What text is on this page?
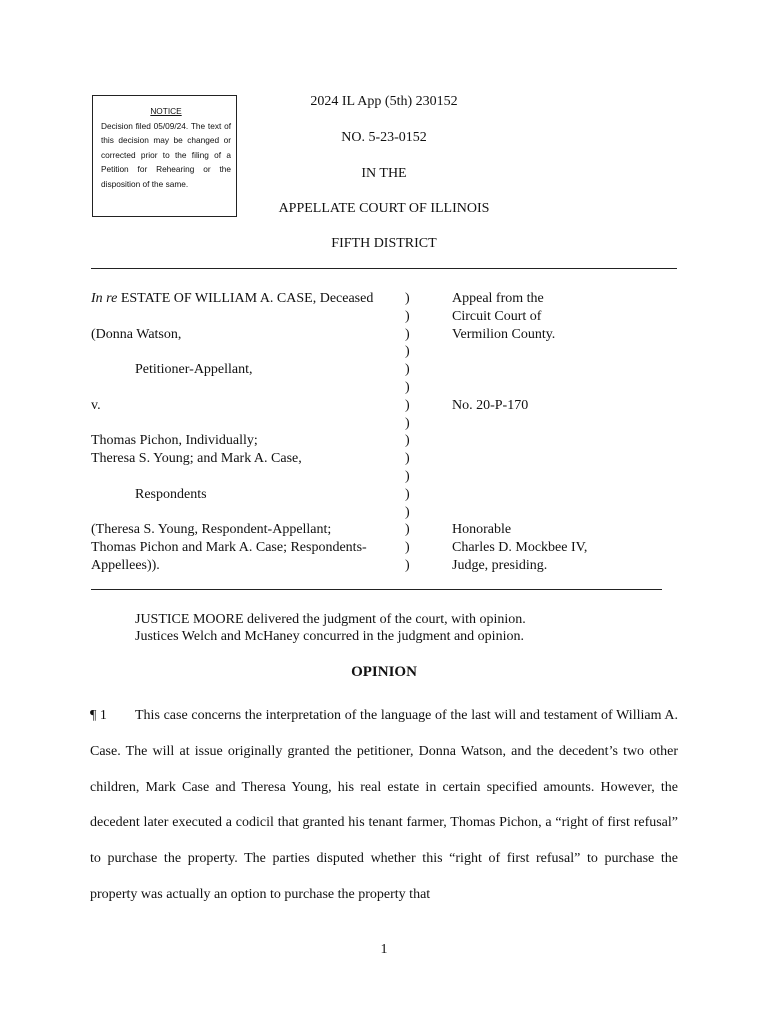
NOTICE
Decision filed 05/09/24. The text of this decision may be changed or corrected prior to the filing of a Petition for Rehearing or the disposition of the same.
2024 IL App (5th) 230152
NO. 5-23-0152
IN THE
APPELLATE COURT OF ILLINOIS
FIFTH DISTRICT
In re ESTATE OF WILLIAM A. CASE, Deceased
(Donna Watson,
Petitioner-Appellant,
v.
Thomas Pichon, Individually;
Theresa S. Young; and Mark A. Case,
Respondents
(Theresa S. Young, Respondent-Appellant;
Thomas Pichon and Mark A. Case; Respondents-
Appellees)).
)
)
)
)
)
)
)
)
)
)
)
)
)
)
)
)
Appeal from the
Circuit Court of
Vermilion County.
No. 20-P-170
Honorable
Charles D. Mockbee IV,
Judge, presiding.
JUSTICE MOORE delivered the judgment of the court, with opinion.
Justices Welch and McHaney concurred in the judgment and opinion.
OPINION
¶ 1 This case concerns the interpretation of the language of the last will and testament of William A. Case. The will at issue originally granted the petitioner, Donna Watson, and the decedent’s two other children, Mark Case and Theresa Young, his real estate in certain specified amounts. However, the decedent later executed a codicil that granted his tenant farmer, Thomas Pichon, a “right of first refusal” to purchase the property. The parties disputed whether this “right of first refusal” to purchase the property was actually an option to purchase the property that
1
